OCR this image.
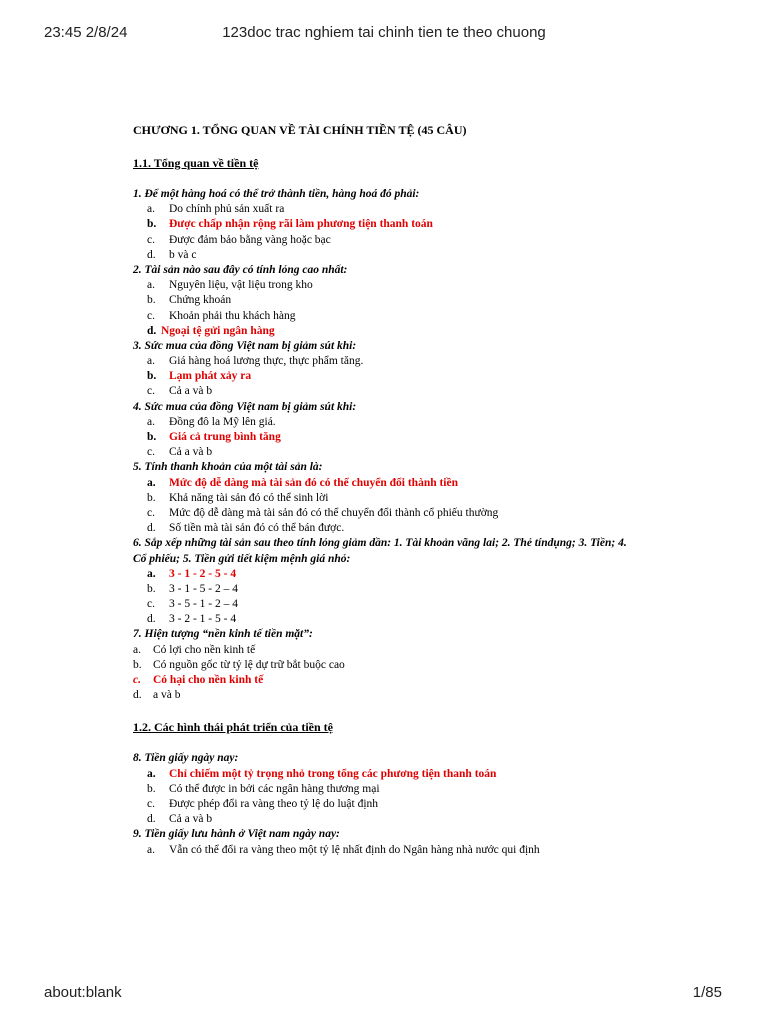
23:45 2/8/24	123doc trac nghiem tai chinh tien te theo chuong
CHƯƠNG 1. TỔNG QUAN VỀ TÀI CHÍNH TIỀN TỆ (45 CÂU)
1.1. Tổng quan về tiền tệ
1. Để một hàng hoá có thể trở thành tiền, hàng hoá đó phải:
a.	Do chính phủ sản xuất ra
b.	Được chấp nhận rộng rãi làm phương tiện thanh toán
c.	Được đảm bảo bằng vàng hoặc bạc
d.	b và c
2. Tài sản nào sau đây có tính lỏng cao nhất:
a.	Nguyên liệu, vật liệu trong kho
b.	Chứng khoán
c.	Khoản phải thu khách hàng
d. Ngoại tệ gửi ngân hàng
3. Sức mua của đồng Việt nam bị giảm sút khi:
a.	Giá hàng hoá lương thực, thực phẩm tăng.
b.	Lạm phát xảy ra
c.	Cả a và b
4. Sức mua của đồng Việt nam bị giảm sút khi:
a.	Đồng đô la Mỹ lên giá.
b.	Giá cả trung bình tăng
c.	Cả a và b
5. Tính thanh khoản của một tài sản là:
a.	Mức độ dễ dàng mà tài sản đó có thể chuyển đổi thành tiền
b.	Khả năng tài sản đó có thể sinh lời
c.	Mức độ dễ dàng mà tài sản đó có thể chuyển đổi thành cổ phiếu thường
d.	Số tiền mà tài sản đó có thể bán được.
6. Sắp xếp những tài sản sau theo tính lỏng giảm dần: 1. Tài khoản vãng lai; 2. Thẻ tíndụng; 3. Tiền; 4. Cổ phiếu; 5. Tiền gửi tiết kiệm mệnh giá nhỏ:
a.	3 - 1 - 2 - 5 - 4
b.	3 - 1 - 5 - 2 – 4
c.	3 - 5 - 1 - 2 – 4
d.	3 - 2 - 1 - 5 - 4
7. Hiện tượng “nền kinh tế tiền mặt”:
a.	Có lợi cho nền kinh tế
b. Có nguồn gốc từ tỷ lệ dự trữ bắt buộc cao
c.	Có hại cho nền kinh tế
d. a và b
1.2. Các hình thái phát triển của tiền tệ
8. Tiền giấy ngày nay:
a.	Chỉ chiếm một tỷ trọng nhỏ trong tổng các phương tiện thanh toán
b.	Có thể được in bởi các ngân hàng thương mại
c.	Được phép đổi ra vàng theo tỷ lệ do luật định
d.	Cả a và b
9. Tiền giấy lưu hành ở Việt nam ngày nay:
a.	Vẫn có thể đổi ra vàng theo một tỷ lệ nhất định do Ngân hàng nhà nước qui định
about:blank	1/85
